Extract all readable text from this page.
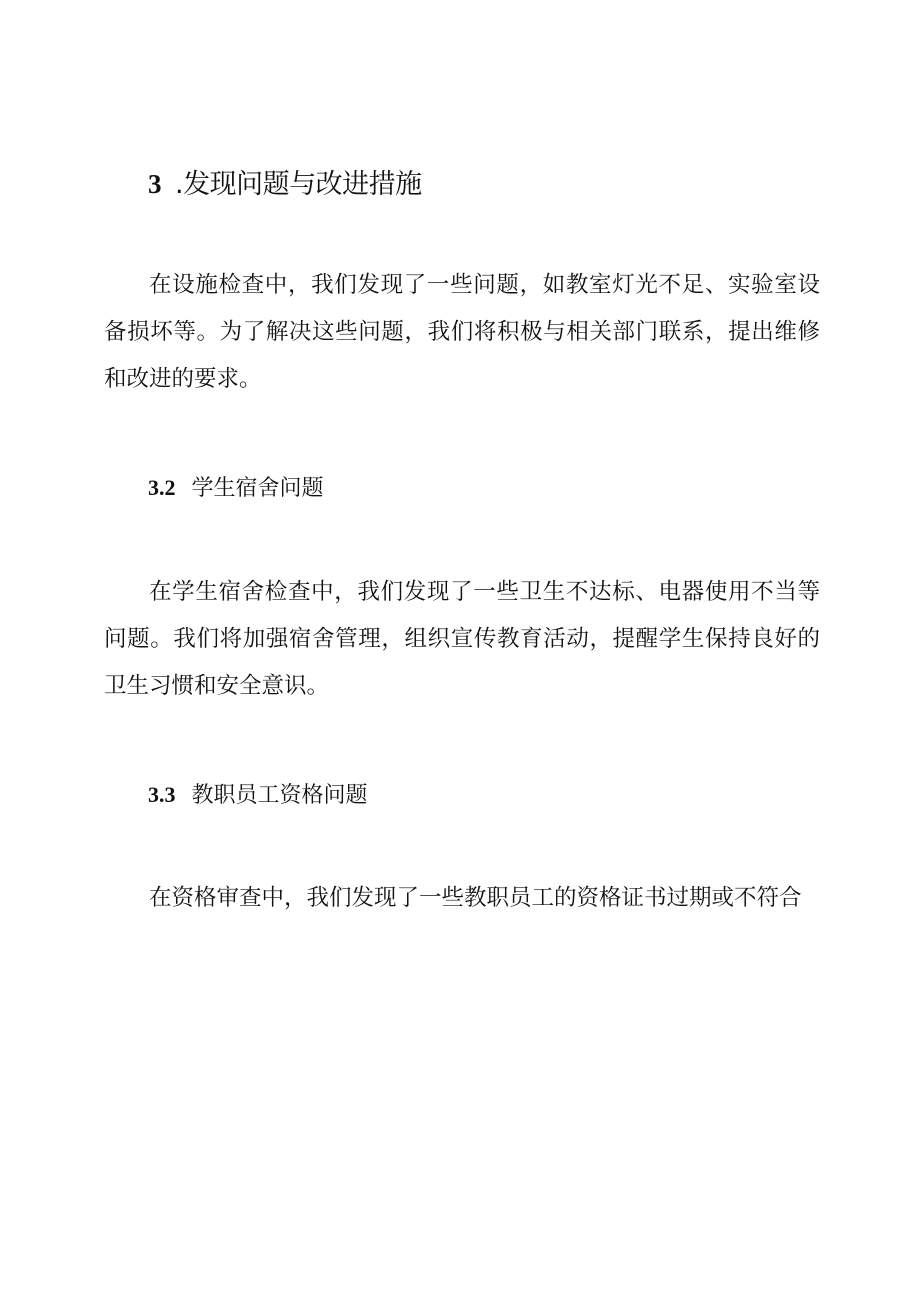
3 .发现问题与改进措施

在设施检查中，我们发现了一些问题，如教室灯光不足、实验室设备损坏等。为了解决这些问题，我们将积极与相关部门联系，提出维修和改进的要求。

3.2 学生宿舍问题

在学生宿舍检查中，我们发现了一些卫生不达标、电器使用不当等问题。我们将加强宿舍管理，组织宣传教育活动，提醒学生保持良好的卫生习惯和安全意识。

3.3 教职员工资格问题

在资格审查中，我们发现了一些教职员工的资格证书过期或不符合
